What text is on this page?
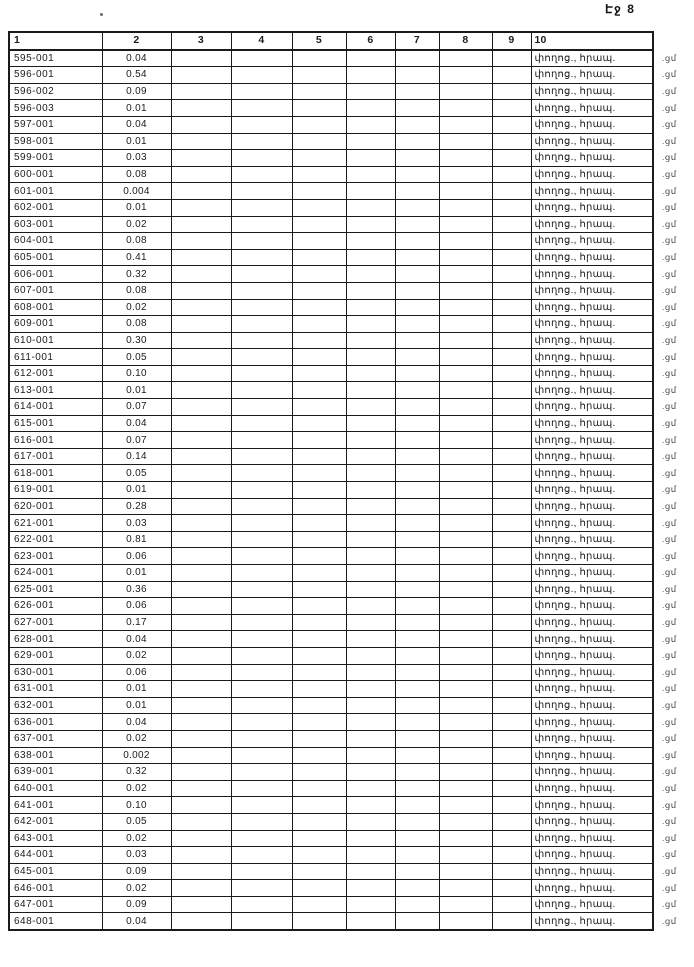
Էջ 8
1	2	3	4	5	6	7	8	9	10	
595-001	0.04								փողոց., հրապ.	.ցմ
596-001	0.54								փողոց., հրապ.	.ցմ
596-002	0.09								փողոց., հրապ.	.ցմ
596-003	0.01								փողոց., հրապ.	.ցմ
597-001	0.04								փողոց., հրապ.	.ցմ
598-001	0.01								փողոց., հրապ.	.ցմ
599-001	0.03								փողոց., հրապ.	.ցմ
600-001	0.08								փողոց., հրապ.	.ցմ
601-001	0.004								փողոց., հրապ.	.ցմ
602-001	0.01								փողոց., հրապ.	.ցմ
603-001	0.02								փողոց., հրապ.	.ցմ
604-001	0.08								փողոց., հրապ.	.ցմ
605-001	0.41								փողոց., հրապ.	.ցմ
606-001	0.32								փողոց., հրապ.	.ցմ
607-001	0.08								փողոց., հրապ.	.ցմ
608-001	0.02								փողոց., հրապ.	.ցմ
609-001	0.08								փողոց., հրապ.	.ցմ
610-001	0.30								փողոց., հրապ.	.ցմ
611-001	0.05								փողոց., հրապ.	.ցմ
612-001	0.10								փողոց., հրապ.	.ցմ
613-001	0.01								փողոց., հրապ.	.ցմ
614-001	0.07								փողոց., հրապ.	.ցմ
615-001	0.04								փողոց., հրապ.	.ցմ
616-001	0.07								փողոց., հրապ.	.ցմ
617-001	0.14								փողոց., հրապ.	.ցմ
618-001	0.05								փողոց., հրապ.	.ցմ
619-001	0.01								փողոց., հրապ.	.ցմ
620-001	0.28								փողոց., հրապ.	.ցմ
621-001	0.03								փողոց., հրապ.	.ցմ
622-001	0.81								փողոց., հրապ.	.ցմ
623-001	0.06								փողոց., հրապ.	.ցմ
624-001	0.01								փողոց., հրապ.	.ցմ
625-001	0.36								փողոց., հրապ.	.ցմ
626-001	0.06								փողոց., հրապ.	.ցմ
627-001	0.17								փողոց., հրապ.	.ցմ
628-001	0.04								փողոց., հրապ.	.ցմ
629-001	0.02								փողոց., հրապ.	.ցմ
630-001	0.06								փողոց., հրապ.	.ցմ
631-001	0.01								փողոց., հրապ.	.ցմ
632-001	0.01								փողոց., հրապ.	.ցմ
636-001	0.04								փողոց., հրապ.	.ցմ
637-001	0.02								փողոց., հրապ.	.ցմ
638-001	0.002								փողոց., հրապ.	.ցմ
639-001	0.32								փողոց., հրապ.	.ցմ
640-001	0.02								փողոց., հրապ.	.ցմ
641-001	0.10								փողոց., հրապ.	.ցմ
642-001	0.05								փողոց., հրապ.	.ցմ
643-001	0.02								փողոց., հրապ.	.ցմ
644-001	0.03								փողոց., հրապ.	.ցմ
645-001	0.09								փողոց., հրապ.	.ցմ
646-001	0.02								փողոց., հրապ.	.ցմ
647-001	0.09								փողոց., հրապ.	.ցմ
648-001	0.04								փողոց., հրապ.	.ցմ
